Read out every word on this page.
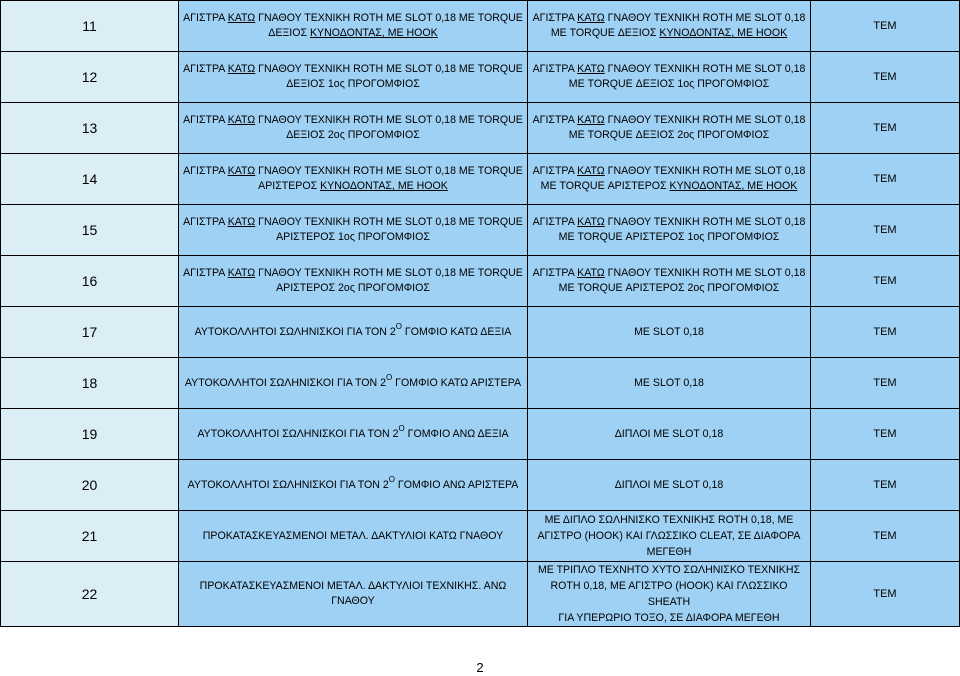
11	ΑΓΙΣΤΡΑ ΚΑΤΩ ΓΝΑΘΟΥ ΤΕΧΝΙΚΗ ROTH ΜΕ SLOT 0,18 ΜΕ TORQUE
ΔΕΞΙΟΣ ΚΥΝΟΔΟΝΤΑΣ, ΜΕ ΗΟΟΚ	ΑΓΙΣΤΡΑ ΚΑΤΩ ΓΝΑΘΟΥ ΤΕΧΝΙΚΗ ROTH ΜΕ SLOT 0,18
ΜΕ TORQUE ΔΕΞΙΟΣ ΚΥΝΟΔΟΝΤΑΣ, ΜΕ ΗΟΟΚ	ΤΕΜ
12	ΑΓΙΣΤΡΑ ΚΑΤΩ ΓΝΑΘΟΥ ΤΕΧΝΙΚΗ ROTH ΜΕ SLOT 0,18 ΜΕ TORQUE
ΔΕΞΙΟΣ 1ος ΠΡΟΓΟΜΦΙΟΣ	ΑΓΙΣΤΡΑ ΚΑΤΩ ΓΝΑΘΟΥ ΤΕΧΝΙΚΗ ROTH ΜΕ SLOT 0,18
ΜΕ TORQUE ΔΕΞΙΟΣ 1ος ΠΡΟΓΟΜΦΙΟΣ	ΤΕΜ
13	ΑΓΙΣΤΡΑ ΚΑΤΩ ΓΝΑΘΟΥ ΤΕΧΝΙΚΗ ROTH ΜΕ SLOT 0,18 ΜΕ TORQUE
ΔΕΞΙΟΣ 2ος ΠΡΟΓΟΜΦΙΟΣ	ΑΓΙΣΤΡΑ ΚΑΤΩ ΓΝΑΘΟΥ ΤΕΧΝΙΚΗ ROTH ΜΕ SLOT 0,18
ΜΕ TORQUE ΔΕΞΙΟΣ 2ος ΠΡΟΓΟΜΦΙΟΣ	ΤΕΜ
14	ΑΓΙΣΤΡΑ ΚΑΤΩ ΓΝΑΘΟΥ ΤΕΧΝΙΚΗ ROTH ΜΕ SLOT 0,18 ΜΕ TORQUE
ΑΡΙΣΤΕΡΟΣ ΚΥΝΟΔΟΝΤΑΣ, ΜΕ ΗΟΟΚ	ΑΓΙΣΤΡΑ ΚΑΤΩ ΓΝΑΘΟΥ ΤΕΧΝΙΚΗ ROTH ΜΕ SLOT 0,18
ΜΕ TORQUE ΑΡΙΣΤΕΡΟΣ ΚΥΝΟΔΟΝΤΑΣ, ΜΕ ΗΟΟΚ	ΤΕΜ
15	ΑΓΙΣΤΡΑ ΚΑΤΩ ΓΝΑΘΟΥ ΤΕΧΝΙΚΗ ROTH ΜΕ SLOT 0,18 ΜΕ TORQUE
ΑΡΙΣΤΕΡΟΣ 1ος ΠΡΟΓΟΜΦΙΟΣ	ΑΓΙΣΤΡΑ ΚΑΤΩ ΓΝΑΘΟΥ ΤΕΧΝΙΚΗ ROTH ΜΕ SLOT 0,18
ΜΕ TORQUE ΑΡΙΣΤΕΡΟΣ 1ος ΠΡΟΓΟΜΦΙΟΣ	ΤΕΜ
16	ΑΓΙΣΤΡΑ ΚΑΤΩ ΓΝΑΘΟΥ ΤΕΧΝΙΚΗ ROTH ΜΕ SLOT 0,18 ΜΕ TORQUE
ΑΡΙΣΤΕΡΟΣ 2ος ΠΡΟΓΟΜΦΙΟΣ	ΑΓΙΣΤΡΑ ΚΑΤΩ ΓΝΑΘΟΥ ΤΕΧΝΙΚΗ ROTH ΜΕ SLOT 0,18
ΜΕ TORQUE ΑΡΙΣΤΕΡΟΣ 2ος ΠΡΟΓΟΜΦΙΟΣ	ΤΕΜ
17	ΑΥΤΟΚΟΛΛΗΤΟΙ ΣΩΛΗΝΙΣΚΟΙ ΓΙΑ ΤΟΝ $2^O$ ΓΟΜΦΙΟ ΚΑΤΩ ΔΕΞΙΑ	ΜΕ SLOT 0,18	ΤΕΜ
18	ΑΥΤΟΚΟΛΛΗΤΟΙ ΣΩΛΗΝΙΣΚΟΙ ΓΙΑ ΤΟΝ $2^O$ ΓΟΜΦΙΟ ΚΑΤΩ ΑΡΙΣΤΕΡΑ	ΜΕ SLOT 0,18	ΤΕΜ
19	ΑΥΤΟΚΟΛΛΗΤΟΙ ΣΩΛΗΝΙΣΚΟΙ ΓΙΑ ΤΟΝ $2^O$ ΓΟΜΦΙΟ ΑΝΩ ΔΕΞΙΑ	ΔΙΠΛΟΙ ΜΕ SLOT 0,18	ΤΕΜ
20	ΑΥΤΟΚΟΛΛΗΤΟΙ ΣΩΛΗΝΙΣΚΟΙ ΓΙΑ ΤΟΝ $2^O$ ΓΟΜΦΙΟ ΑΝΩ ΑΡΙΣΤΕΡΑ	ΔΙΠΛΟΙ ΜΕ SLOT 0,18	ΤΕΜ
21	ΠΡΟΚΑΤΑΣΚΕΥΑΣΜΕΝΟΙ ΜΕΤΑΛ. ΔΑΚΤΥΛΙΟΙ ΚΑΤΩ ΓΝΑΘΟΥ	ΜΕ ΔΙΠΛΟ ΣΩΛΗΝΙΣΚΟ ΤΕΧΝΙΚΗΣ ROTH 0,18, ΜΕ
ΑΓΙΣΤΡΟ (HOOK) ΚΑΙ ΓΛΩΣΣΙΚΟ CLEAT, ΣΕ ΔΙΑΦΟΡΑ
ΜΕΓΕΘΗ	ΤΕΜ
22	ΠΡΟΚΑΤΑΣΚΕΥΑΣΜΕΝΟΙ ΜΕΤΑΛ. ΔΑΚΤΥΛΙΟΙ ΤΕΧΝΙΚΗΣ. ΑΝΩ
ΓΝΑΘΟΥ	ΜΕ ΤΡΙΠΛΟ ΤΕΧΝΗΤΟ ΧΥΤΟ ΣΩΛΗΝΙΣΚΟ ΤΕΧΝΙΚΗΣ
ROTH 0,18, ΜΕ ΑΓΙΣΤΡΟ (HOOK) ΚΑΙ ΓΛΩΣΣΙΚΟ SHEATH
ΓΙΑ ΥΠΕΡΩΡΙΟ ΤΟΞΟ, ΣΕ ΔΙΑΦΟΡΑ ΜΕΓΕΘΗ	ΤΕΜ
2
